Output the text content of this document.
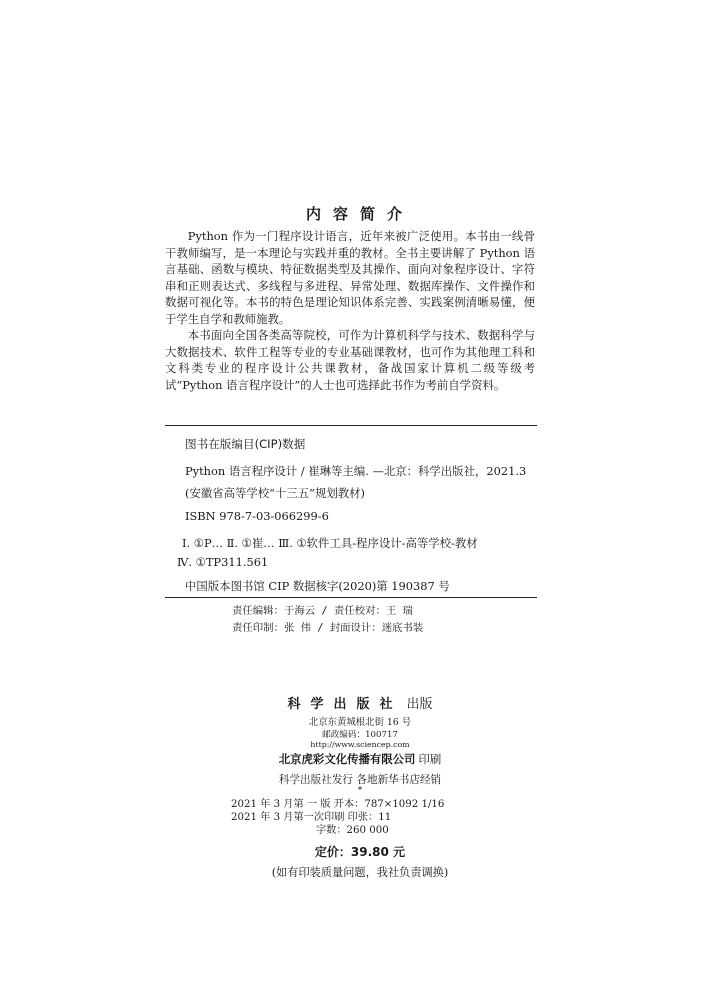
内容简介

Python 作为一门程序设计语言，近年来被广泛使用。本书由一线骨干教师编写，是一本理论与实践并重的教材。全书主要讲解了 Python 语言基础、函数与模块、特征数据类型及其操作、面向对象程序设计、字符串和正则表达式、多线程与多进程、异常处理、数据库操作、文件操作和数据可视化等。本书的特色是理论知识体系完善、实践案例清晰易懂，便于学生自学和教师施教。

本书面向全国各类高等院校，可作为计算机科学与技术、数据科学与大数据技术、软件工程等专业的专业基础课教材，也可作为其他理工科和文科类专业的程序设计公共课教材，备战国家计算机二级等级考试“Python 语言程序设计”的人士也可选择此书作为考前自学资料。

图书在版编目(CIP)数据
Python 语言程序设计 / 崔琳等主编. —北京：科学出版社，2021.3
(安徽省高等学校“十三五”规划教材)
ISBN 978-7-03-066299-6
Ⅰ. ①P… Ⅱ. ①崔… Ⅲ. ①软件工具-程序设计-高等学校-教材
Ⅳ. ①TP311.561
中国版本图书馆 CIP 数据核字(2020)第 190387 号
责任编辑：于海云 / 责任校对：王 瑞
责任印制：张 伟 / 封面设计：迷底书装
科学出版社 出版
北京东黄城根北街 16 号
邮政编码：100717
http://www.sciencep.com
北京虎彩文化传播有限公司 印刷
科学出版社发行 各地新华书店经销
*
2021 年 3 月第 一 版 开本：787×1092 1/16
2021 年 3 月第一次印刷 印张：11
字数：260 000
定价：39.80 元
(如有印装质量问题，我社负责调换)
